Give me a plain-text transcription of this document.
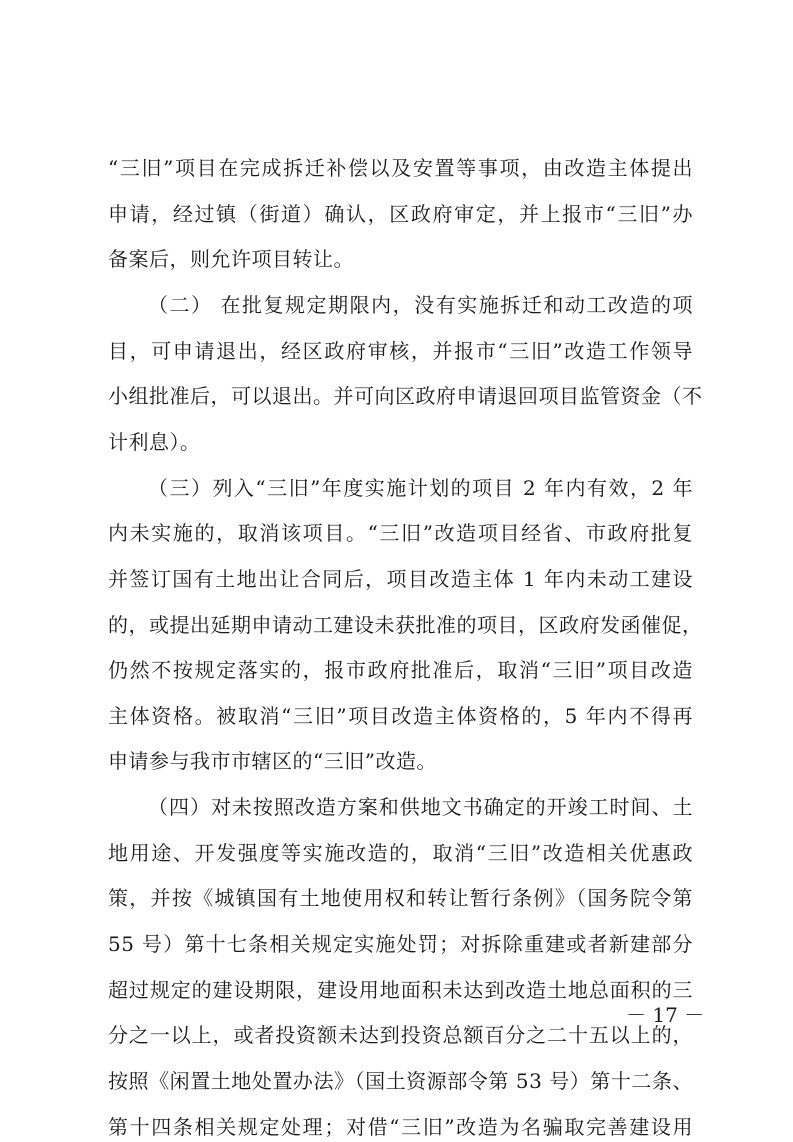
“三旧”项目在完成拆迁补偿以及安置等事项，由改造主体提出
申请，经过镇（街道）确认，区政府审定，并上报市“三旧”办
备案后，则允许项目转让。
（二） 在批复规定期限内，没有实施拆迁和动工改造的项
目，可申请退出，经区政府审核，并报市“三旧”改造工作领导
小组批准后，可以退出。并可向区政府申请退回项目监管资金（不
计利息）。
（三）列入“三旧”年度实施计划的项目 2 年内有效，2 年
内未实施的，取消该项目。“三旧”改造项目经省、市政府批复
并签订国有土地出让合同后，项目改造主体 1 年内未动工建设
的，或提出延期申请动工建设未获批准的项目，区政府发函催促，
仍然不按规定落实的，报市政府批准后，取消“三旧”项目改造
主体资格。被取消“三旧”项目改造主体资格的，5 年内不得再
申请参与我市市辖区的“三旧”改造。
（四）对未按照改造方案和供地文书确定的开竣工时间、土
地用途、开发强度等实施改造的，取消“三旧”改造相关优惠政
策，并按《城镇国有土地使用权和转让暂行条例》（国务院令第
55 号）第十七条相关规定实施处罚；对拆除重建或者新建部分
超过规定的建设期限，建设用地面积未达到改造土地总面积的三
分之一以上，或者投资额未达到投资总额百分之二十五以上的，
按照《闲置土地处置办法》（国土资源部令第 53 号）第十二条、
第十四条相关规定处理；对借“三旧”改造为名骗取完善建设用
－ 17 －
